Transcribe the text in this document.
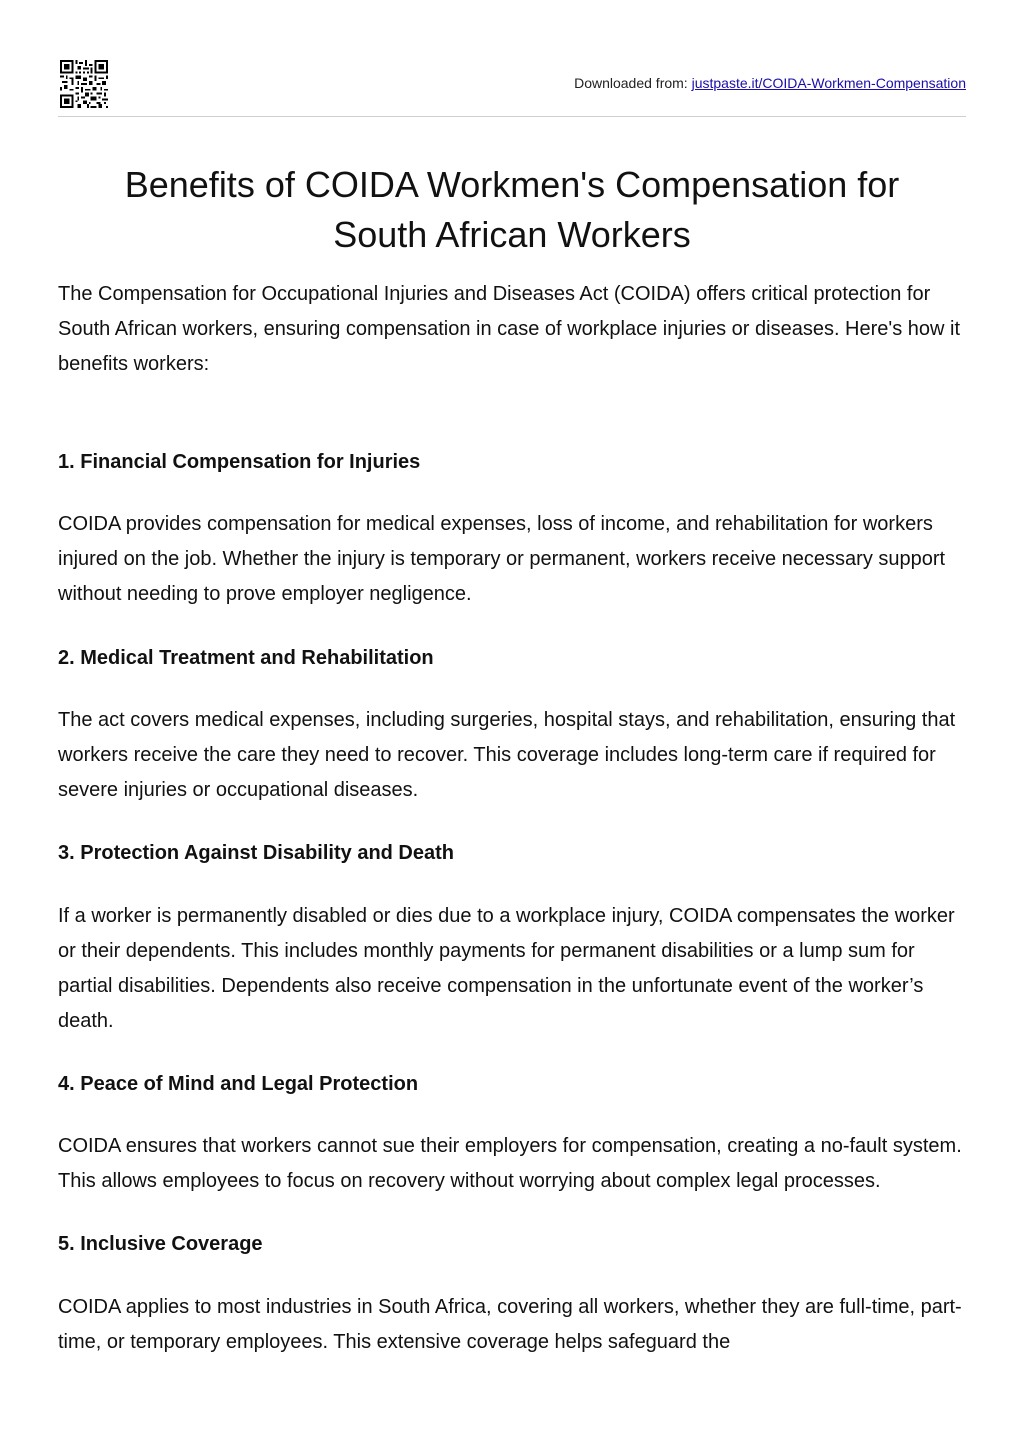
Downloaded from: justpaste.it/COIDA-Workmen-Compensation
Benefits of COIDA Workmen's Compensation for
South African Workers

The Compensation for Occupational Injuries and Diseases Act (COIDA) offers critical protection for South African workers, ensuring compensation in case of workplace injuries or diseases. Here's how it benefits workers:

1. Financial Compensation for Injuries

COIDA provides compensation for medical expenses, loss of income, and rehabilitation for workers injured on the job. Whether the injury is temporary or permanent, workers receive necessary support without needing to prove employer negligence.

2. Medical Treatment and Rehabilitation

The act covers medical expenses, including surgeries, hospital stays, and rehabilitation, ensuring that workers receive the care they need to recover. This coverage includes long-term care if required for severe injuries or occupational diseases.

3. Protection Against Disability and Death

If a worker is permanently disabled or dies due to a workplace injury, COIDA compensates the worker or their dependents. This includes monthly payments for permanent disabilities or a lump sum for partial disabilities. Dependents also receive compensation in the unfortunate event of the worker’s death.

4. Peace of Mind and Legal Protection

COIDA ensures that workers cannot sue their employers for compensation, creating a no-fault system. This allows employees to focus on recovery without worrying about complex legal processes.

5. Inclusive Coverage

COIDA applies to most industries in South Africa, covering all workers, whether they are full-time, part-time, or temporary employees. This extensive coverage helps safeguard the
